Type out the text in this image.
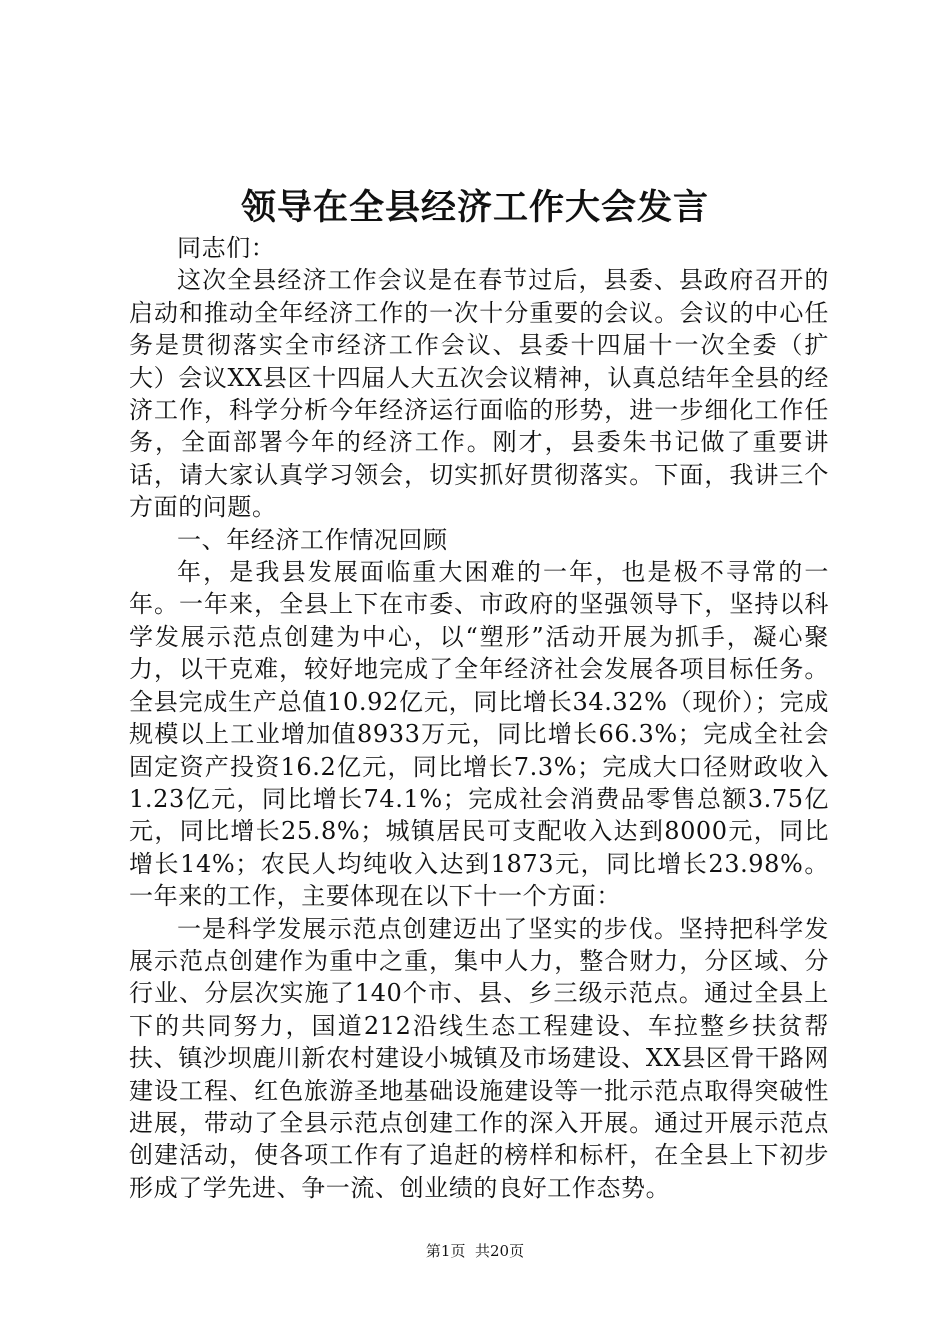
领导在全县经济工作大会发言

同志们：

这次全县经济工作会议是在春节过后，县委、县政府召开的启动和推动全年经济工作的一次十分重要的会议。会议的中心任务是贯彻落实全市经济工作会议、县委十四届十一次全委（扩大）会议XX县区十四届人大五次会议精神，认真总结年全县的经济工作，科学分析今年经济运行面临的形势，进一步细化工作任务，全面部署今年的经济工作。刚才，县委朱书记做了重要讲话，请大家认真学习领会，切实抓好贯彻落实。下面，我讲三个方面的问题。

一、年经济工作情况回顾

年，是我县发展面临重大困难的一年，也是极不寻常的一年。一年来，全县上下在市委、市政府的坚强领导下，坚持以科学发展示范点创建为中心，以“塑形”活动开展为抓手，凝心聚力，以干克难，较好地完成了全年经济社会发展各项目标任务。全县完成生产总值10.92亿元，同比增长34.32%（现价）；完成规模以上工业增加值8933万元，同比增长66.3%；完成全社会固定资产投资16.2亿元，同比增长7.3%；完成大口径财政收入1.23亿元，同比增长74.1%；完成社会消费品零售总额3.75亿元，同比增长25.8%；城镇居民可支配收入达到8000元，同比增长14%；农民人均纯收入达到1873元，同比增长23.98%。一年来的工作，主要体现在以下十一个方面：

一是科学发展示范点创建迈出了坚实的步伐。坚持把科学发展示范点创建作为重中之重，集中人力，整合财力，分区域、分行业、分层次实施了140个市、县、乡三级示范点。通过全县上下的共同努力，国道212沿线生态工程建设、车拉整乡扶贫帮扶、镇沙坝鹿川新农村建设小城镇及市场建设、XX县区骨干路网建设工程、红色旅游圣地基础设施建设等一批示范点取得突破性进展，带动了全县示范点创建工作的深入开展。通过开展示范点创建活动，使各项工作有了追赶的榜样和标杆，在全县上下初步形成了学先进、争一流、创业绩的良好工作态势。

第1页 共20页
